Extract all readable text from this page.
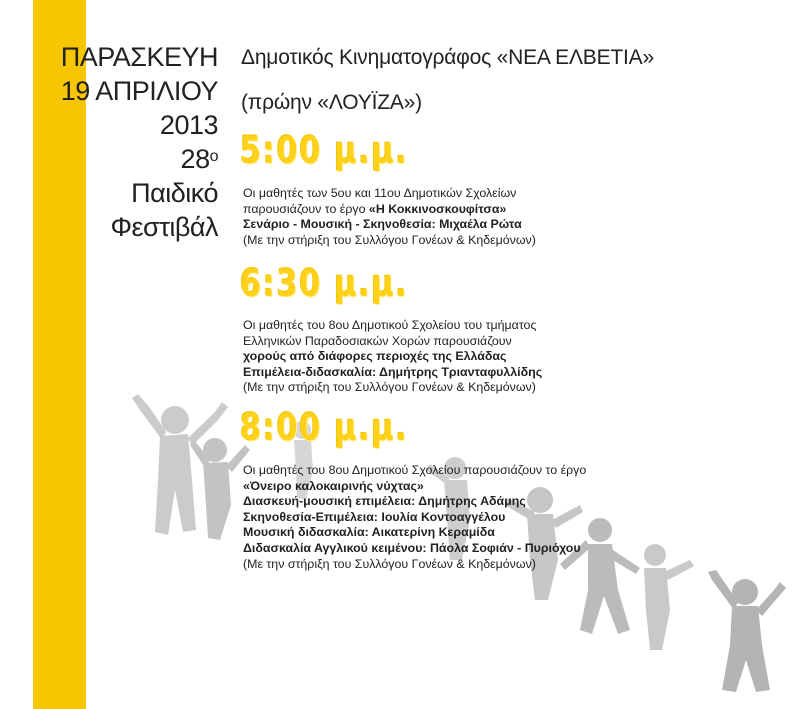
ΠΑΡΑΣΚΕΥΗ
19 ΑΠΡΙΛΙΟΥ
2013
$28^o$
Παιδικό
Φεστιβάλ
Δημοτικός Κινηματογράφος «ΝΕΑ ΕΛΒΕΤΙΑ»
(πρώην «ΛΟΥΪΖΑ»)
5:00 μ.μ.
Οι μαθητές των 5ου και 11ου Δημοτικών Σχολείων
παρουσιάζουν το έργο «Η Κοκκινοσκουφίτσα»
Σενάριο - Μουσική - Σκηνοθεσία: Μιχαέλα Ρώτα
(Με την στήριξη του Συλλόγου Γονέων & Κηδεμόνων)
6:30 μ.μ.
Οι μαθητές του 8ου Δημοτικού Σχολείου του τμήματος
Ελληνικών Παραδοσιακών Χορών παρουσιάζουν
χορούς από διάφορες περιοχές της Ελλάδας
Επιμέλεια-διδασκαλία: Δημήτρης Τριανταφυλλίδης
(Με την στήριξη του Συλλόγου Γονέων & Κηδεμόνων)
8:00 μ.μ.
Οι μαθητές του 8ου Δημοτικού Σχολείου παρουσιάζουν το έργο
«Όνειρο καλοκαιρινής νύχτας»
Διασκευή-μουσική επιμέλεια: Δημήτρης Αδάμης
Σκηνοθεσία-Επιμέλεια: Ιουλία Κοντοαγγέλου
Μουσική διδασκαλία: Αικατερίνη Κεραμίδα
Διδασκαλία Αγγλικού κειμένου: Πάολα Σοφιάν - Πυριόχου
(Με την στήριξη του Συλλόγου Γονέων & Κηδεμόνων)
